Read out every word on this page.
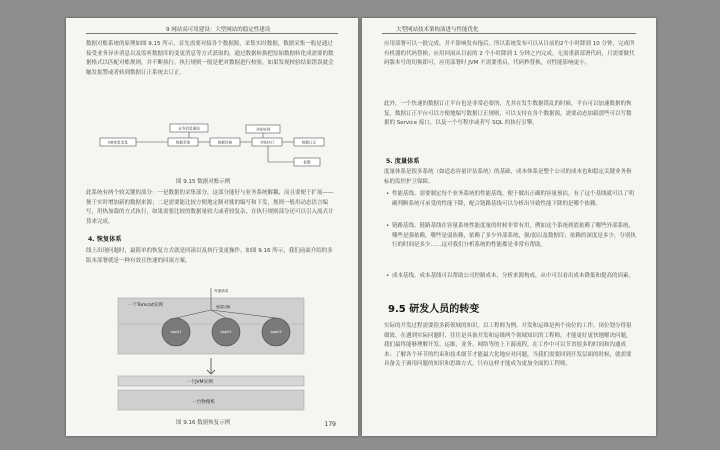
9 网站高可用建设：大型网站的稳定性建设
数据对账系统的原理如图 9.15 所示，首先需要对接各个数据源，采集实时数据，数据采集一般是通过接受业务异步消息以及监听数据库的变更消息等方式获取的，通过数据转换把原始数据转化成需要的数据格式以匹配对账规则，并不断执行，执行规则一般是把对数据进行校验，如果发现校验结果错误就会触发报警或者转到数据订正系统去订正。
业务消息通知
DB变更消息	数据采集	数据转换	对账执行	数据订正
对账规则
报警
图 9.15 数据对账示例
此系统有两个较关键的部分：一是数据的采集部分，这部分能好与业务系统解耦，而且要便于扩展——便于实时增加新的数据来源；二是需要能比较方便地定制对账的编写和下发，规则一般用动态语言编写，用热加载的方式执行，如果需要比较的数据量较大或者较复杂，在执行规则部分还可以引入流式计算来完成。
4. 恢复体系
线上出现问题时，最简单的恢复方式就是回滚以及执行变更操作。如图 9.16 所示，我们前面介绍的多版本部署就是一种有效且快速的回滚方案。
一个Tomcat实例
一个JVM实例
一台物理机
外部请求
流量切换
AppV1	AppV2	AppV3
图 9.16 数据恢复示例	179
大型网站技术架构演进与性能优化
应用部署可以一批完成，并不影响发布拖后。所以系统发布可以从目前的2个小时降到 10 分钟，完成所有机器的代码替换；应用回滚从目前的 2 个小时降到 1 分钟之内完成，无需重新部署代码，只需要做代码版本号的切换即可，应用部署时 JVM 不需要重启，代码秒替换，对性能影响更小。
此外，一个快速的数据订正平台也是非常必要的，尤其在发生数据错乱的时候，平台可以加速数据的恢复，数据订正平台可以方便地编写数据订正规则，可以支持在各个数据源，需要动态加载那些可以写数据的 Service 接口，以及一个写程序或者写 SQL 的执行引擎。
5. 度量体系
度量体系是很多系统（如适态容量评估系统）的基础，成本体系是整个公司的成本也和稳定关键业务指标的监控护卫保障。
• 性能基线。需要制定每个业务系统的性能基线，便于做出正确的容量预估，有了这个基线就可以了明确判断系统可承受的性能下降，配合链路基线可以分析出导致性能下降的是哪个依赖。
• 链路基线。链路基线在容量系统性能度量的时候非常有用，例如这个系统到底依赖了哪些外部系统，哪些是强依赖，哪些是弱依赖，依赖了多少外部系统，强/弱以及数据库；依赖的深度是多少，分别执行的时间是多少……这对我们分析系统的性能都是非常有帮助。
• 成本基线。成本基线可以帮助公司控制成本，分析来源构成，从中可以看出成本降低和提高的因素。
9.5 研发人员的转变
实际的开发过程需要很多跨领域的知识。以工程师为例，开发和运维是两个岗位的工作，岗位划分得很细致，在遇到实际问题时，往往是具备开发和运维两个领域知识的工程师，才能更好更快地解决问题，我们最终能够理解开发、运维、业务、网络等的上下游流程，在工作中可以节省很多的时间和沟通成本；了解各个环节的约束和技术细节才能最大化地应对问题，当我们需要回到开发层面的时候，就需要具备关于调用问题的知识和思维方式，只有这样才能成为更加全面的工程师。
